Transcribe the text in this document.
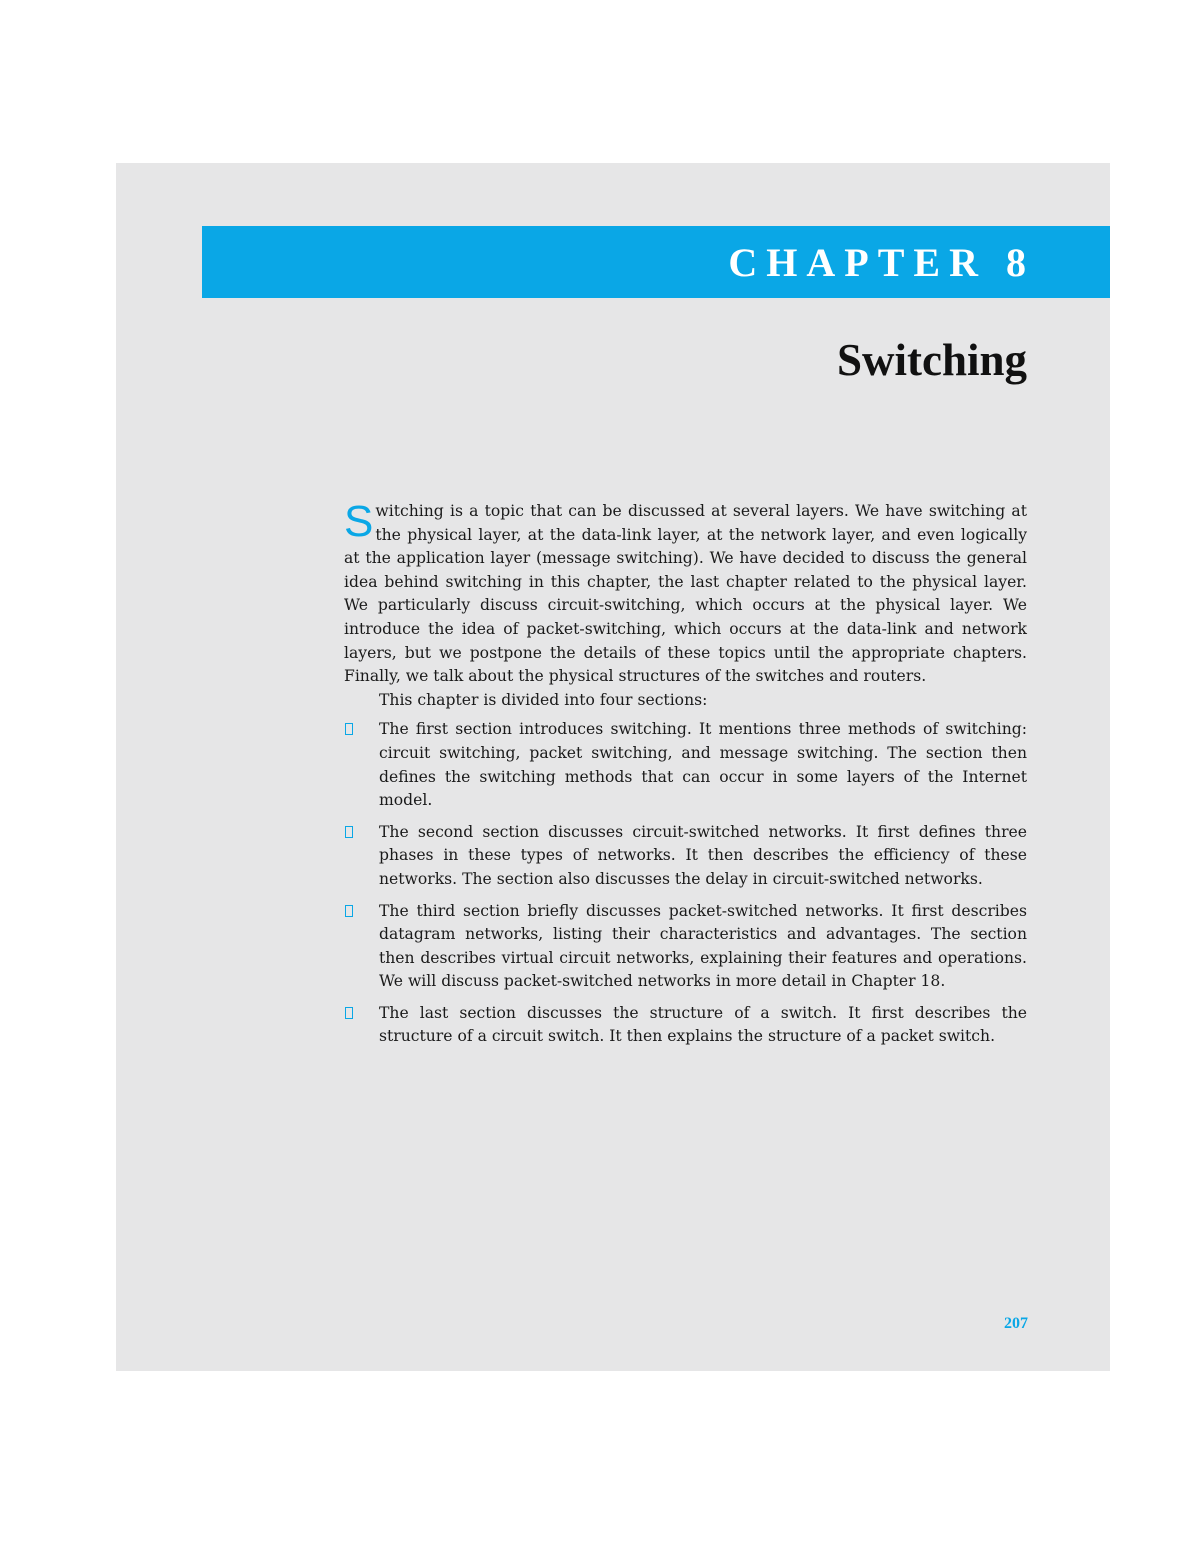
CHAPTER 8
Switching

Switching is a topic that can be discussed at several layers. We have switching at the physical layer, at the data-link layer, at the network layer, and even logically at the application layer (message switching). We have decided to discuss the general idea behind switching in this chapter, the last chapter related to the physical layer. We particularly discuss circuit-switching, which occurs at the physical layer. We introduce the idea of packet-switching, which occurs at the data-link and network layers, but we postpone the details of these topics until the appropriate chapters. Finally, we talk about the physical structures of the switches and routers.

This chapter is divided into four sections:

The first section introduces switching. It mentions three methods of switching: circuit switching, packet switching, and message switching. The section then defines the switching methods that can occur in some layers of the Internet model.
The second section discusses circuit-switched networks. It first defines three phases in these types of networks. It then describes the efficiency of these networks. The section also discusses the delay in circuit-switched networks.
The third section briefly discusses packet-switched networks. It first describes datagram networks, listing their characteristics and advantages. The section then describes virtual circuit networks, explaining their features and operations. We will discuss packet-switched networks in more detail in Chapter 18.
The last section discusses the structure of a switch. It first describes the structure of a circuit switch. It then explains the structure of a packet switch.
207
